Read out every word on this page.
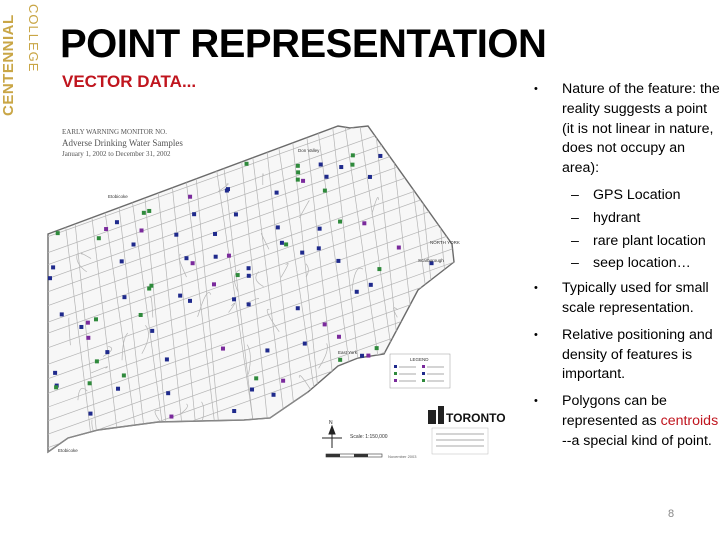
COLLEGE
CENTENNIAL POINT REPRESENTATION
VECTOR DATA...
EARLY WARNING MONITOR NO.
Adverse Drinking Water Samples
January 1, 2002 to December 31, 2002
Etobicoke
Etobicoke
Scarborough
Don Valley
East York
NORTH YORK
LEGEND
TORONTO
N
Scale: 1:150,000
November 2003
• Nature of the feature: the reality suggests a point (it is not linear in nature, does not occupy an area):
– GPS Location
– hydrant
– rare plant location
– seep location…
• Typically used for small scale representation.
• Relative positioning and density of features is important.
• Polygons can be represented as centroids --a special kind of point.
8
